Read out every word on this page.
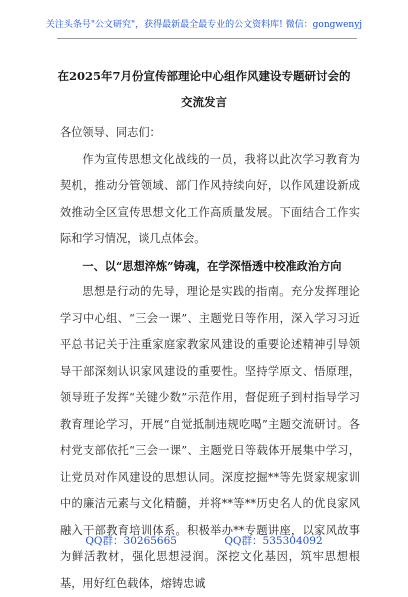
关注头条号"公文研究"，获得最新最全最专业的公文资料库! 微信：gongwenyj
在2025年7月份宣传部理论中心组作风建设专题研讨会的
交流发言

各位领导、同志们：

作为宣传思想文化战线的一员，我将以此次学习教育为契机，推动分管领域、部门作风持续向好，以作风建设新成效推动全区宣传思想文化工作高质量发展。下面结合工作实际和学习情况，谈几点体会。

一、以“思想淬炼”铸魂，在学深悟透中校准政治方向

思想是行动的先导，理论是实践的指南。充分发挥理论学习中心组、“三会一课”、主题党日等作用，深入学习习近平总书记关于注重家庭家教家风建设的重要论述精神引导领导干部深刻认识家风建设的重要性。坚持学原文、悟原理，领导班子发挥“关键少数”示范作用，督促班子到村指导学习教育理论学习，开展“自觉抵制违规吃喝”主题交流研讨。各村党支部依托“三会一课”、主题党日等载体开展集中学习，让党员对作风建设的思想认同。深度挖掘**等先贤家规家训中的廉洁元素与文化精髓，并将**等**历史名人的优良家风融入干部教育培训体系。积极举办**专题讲座，以家风故事为鲜活教材，强化思想浸润。深挖文化基因，筑牢思想根基，用好红色载体，熔铸忠诚

QQ群：30265665	QQ群：535304092
